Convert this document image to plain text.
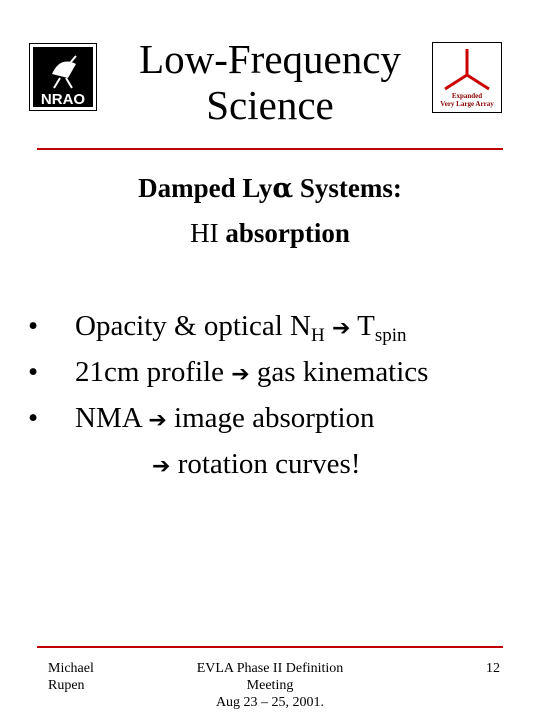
NRAO
Low-Frequency
Science	Expanded
Very Large Array
Damped Lyα Systems:
HI absorption
• Opacity & optical $N_H$ ➔ $T_{spin}$
• 21cm profile ➔ gas kinematics
• NMA ➔ image absorption
➔ rotation curves!
Michael
Rupen
EVLA Phase II Definition
Meeting
Aug 23 – 25, 2001.
12
